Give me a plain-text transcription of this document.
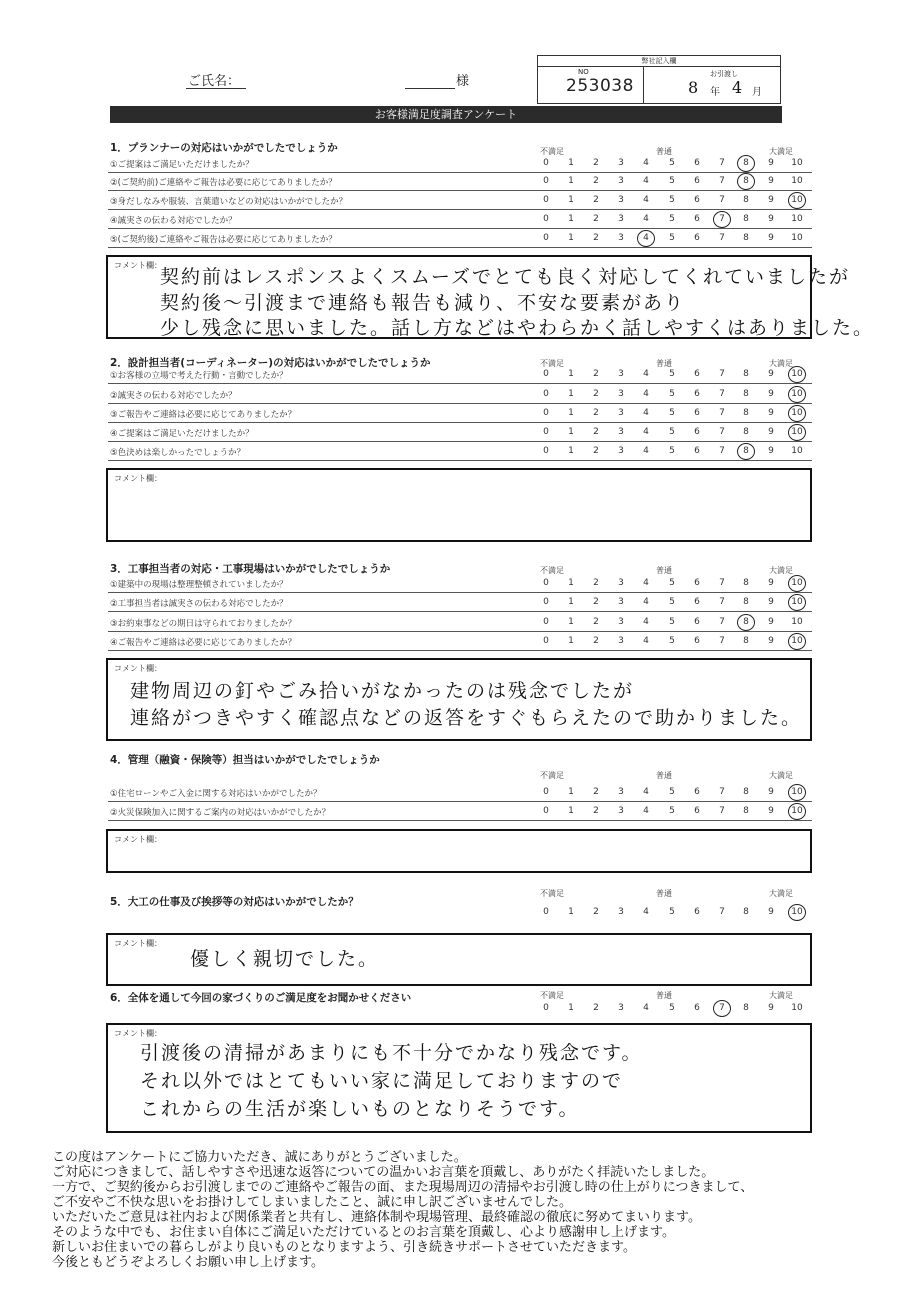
ご氏名：	様
弊社記入欄
NO
253038
お引渡し
8 年 4 月
お客様満足度調査アンケート
1．プランナーの対応はいかがでしたでしょうか	不満足	普通	大満足
①ご提案はご満足いただけましたか？	0	1	2	3	4	5	6	7	8	9	10
②(ご契約前)ご連絡やご報告は必要に応じてありましたか？	0	1	2	3	4	5	6	7	8	9	10
③身だしなみや服装、言葉遣いなどの対応はいかがでしたか？	0	1	2	3	4	5	6	7	8	9	10
④誠実さの伝わる対応でしたか？	0	1	2	3	4	5	6	7	8	9	10
⑤(ご契約後)ご連絡やご報告は必要に応じてありましたか？	0	1	2	3	4	5	6	7	8	9	10
コメント欄：
契約前はレスポンスよくスムーズでとても良く対応してくれていましたが
契約後～引渡まで連絡も報告も減り、不安な要素があり
少し残念に思いました。話し方などはやわらかく話しやすくはありました。
2．設計担当者(コーディネーター)の対応はいかがでしたでしょうか	不満足	普通	大満足
①お客様の立場で考えた行動・言動でしたか？	0	1	2	3	4	5	6	7	8	9	10
②誠実さの伝わる対応でしたか？	0	1	2	3	4	5	6	7	8	9	10
③ご報告やご連絡は必要に応じてありましたか？	0	1	2	3	4	5	6	7	8	9	10
④ご提案はご満足いただけましたか？	0	1	2	3	4	5	6	7	8	9	10
⑤色決めは楽しかったでしょうか？	0	1	2	3	4	5	6	7	8	9	10
コメント欄：
3．工事担当者の対応・工事現場はいかがでしたでしょうか	不満足	普通	大満足
①建築中の現場は整理整頓されていましたか？	0	1	2	3	4	5	6	7	8	9	10
②工事担当者は誠実さの伝わる対応でしたか？	0	1	2	3	4	5	6	7	8	9	10
③お約束事などの期日は守られておりましたか？	0	1	2	3	4	5	6	7	8	9	10
④ご報告やご連絡は必要に応じてありましたか？	0	1	2	3	4	5	6	7	8	9	10
コメント欄：
建物周辺の釘やごみ拾いがなかったのは残念でしたが
連絡がつきやすく確認点などの返答をすぐもらえたので助かりました。
4．管理（融資・保険等）担当はいかがでしたでしょうか
不満足	普通	大満足
①住宅ローンやご入金に関する対応はいかがでしたか？	0	1	2	3	4	5	6	7	8	9	10
②火災保険加入に関するご案内の対応はいかがでしたか？	0	1	2	3	4	5	6	7	8	9	10
コメント欄：
5．大工の仕事及び挨拶等の対応はいかがでしたか？
不満足	普通	大満足
0	1	2	3	4	5	6	7	8	9	10
コメント欄：
優しく親切でした。
6．全体を通して今回の家づくりのご満足度をお聞かせください	不満足	普通	大満足
0	1	2	3	4	5	6	7	8	9	10
コメント欄：
引渡後の清掃があまりにも不十分でかなり残念です。
それ以外ではとてもいい家に満足しておりますので
これからの生活が楽しいものとなりそうです。
この度はアンケートにご協力いただき、誠にありがとうございました。
ご対応につきまして、話しやすさや迅速な返答についての温かいお言葉を頂戴し、ありがたく拝読いたしました。
一方で、ご契約後からお引渡しまでのご連絡やご報告の面、また現場周辺の清掃やお引渡し時の仕上がりにつきまして、
ご不安やご不快な思いをお掛けしてしまいましたこと、誠に申し訳ございませんでした。
いただいたご意見は社内および関係業者と共有し、連絡体制や現場管理、最終確認の徹底に努めてまいります。
そのような中でも、お住まい自体にご満足いただけているとのお言葉を頂戴し、心より感謝申し上げます。
新しいお住まいでの暮らしがより良いものとなりますよう、引き続きサポートさせていただきます。
今後ともどうぞよろしくお願い申し上げます。
